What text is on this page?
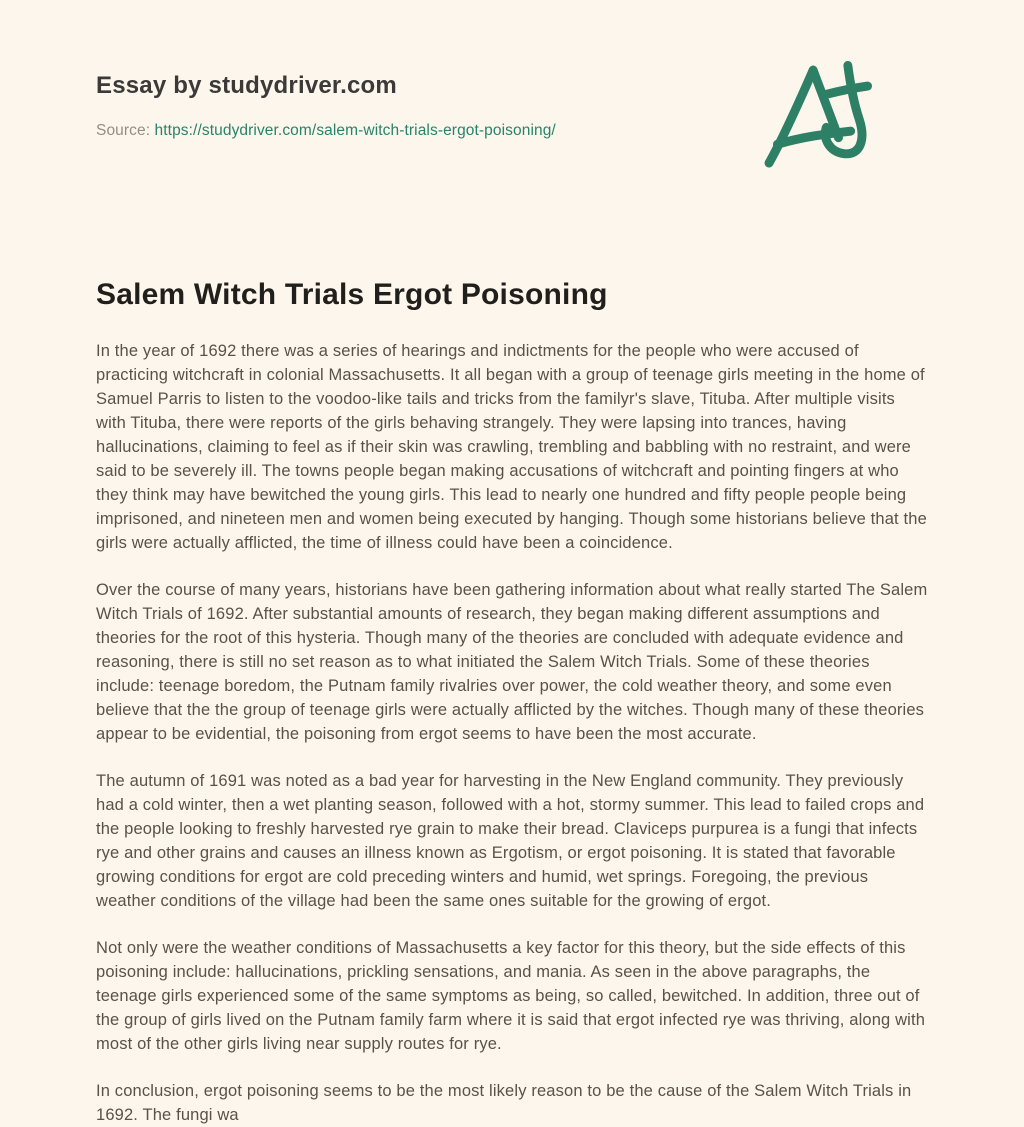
Essay by studydriver.com
Source: https://studydriver.com/salem-witch-trials-ergot-poisoning/
Salem Witch Trials Ergot Poisoning

In the year of 1692 there was a series of hearings and indictments for the people who were accused of practicing witchcraft in colonial Massachusetts. It all began with a group of teenage girls meeting in the home of Samuel Parris to listen to the voodoo-like tails and tricks from the familyr's slave, Tituba. After multiple visits with Tituba, there were reports of the girls behaving strangely. They were lapsing into trances, having hallucinations, claiming to feel as if their skin was crawling, trembling and babbling with no restraint, and were said to be severely ill. The towns people began making accusations of witchcraft and pointing fingers at who they think may have bewitched the young girls. This lead to nearly one hundred and fifty people people being imprisoned, and nineteen men and women being executed by hanging. Though some historians believe that the girls were actually afflicted, the time of illness could have been a coincidence.

Over the course of many years, historians have been gathering information about what really started The Salem Witch Trials of 1692. After substantial amounts of research, they began making different assumptions and theories for the root of this hysteria. Though many of the theories are concluded with adequate evidence and reasoning, there is still no set reason as to what initiated the Salem Witch Trials. Some of these theories include: teenage boredom, the Putnam family rivalries over power, the cold weather theory, and some even believe that the the group of teenage girls were actually afflicted by the witches. Though many of these theories appear to be evidential, the poisoning from ergot seems to have been the most accurate.

The autumn of 1691 was noted as a bad year for harvesting in the New England community. They previously had a cold winter, then a wet planting season, followed with a hot, stormy summer. This lead to failed crops and the people looking to freshly harvested rye grain to make their bread. Claviceps purpurea is a fungi that infects rye and other grains and causes an illness known as Ergotism, or ergot poisoning. It is stated that favorable growing conditions for ergot are cold preceding winters and humid, wet springs. Foregoing, the previous weather conditions of the village had been the same ones suitable for the growing of ergot.

Not only were the weather conditions of Massachusetts a key factor for this theory, but the side effects of this poisoning include: hallucinations, prickling sensations, and mania. As seen in the above paragraphs, the teenage girls experienced some of the same symptoms as being, so called, bewitched. In addition, three out of the group of girls lived on the Putnam family farm where it is said that ergot infected rye was thriving, along with most of the other girls living near supply routes for rye.

In conclusion, ergot poisoning seems to be the most likely reason to be the cause of the Salem Witch Trials in 1692. The fungi wa
